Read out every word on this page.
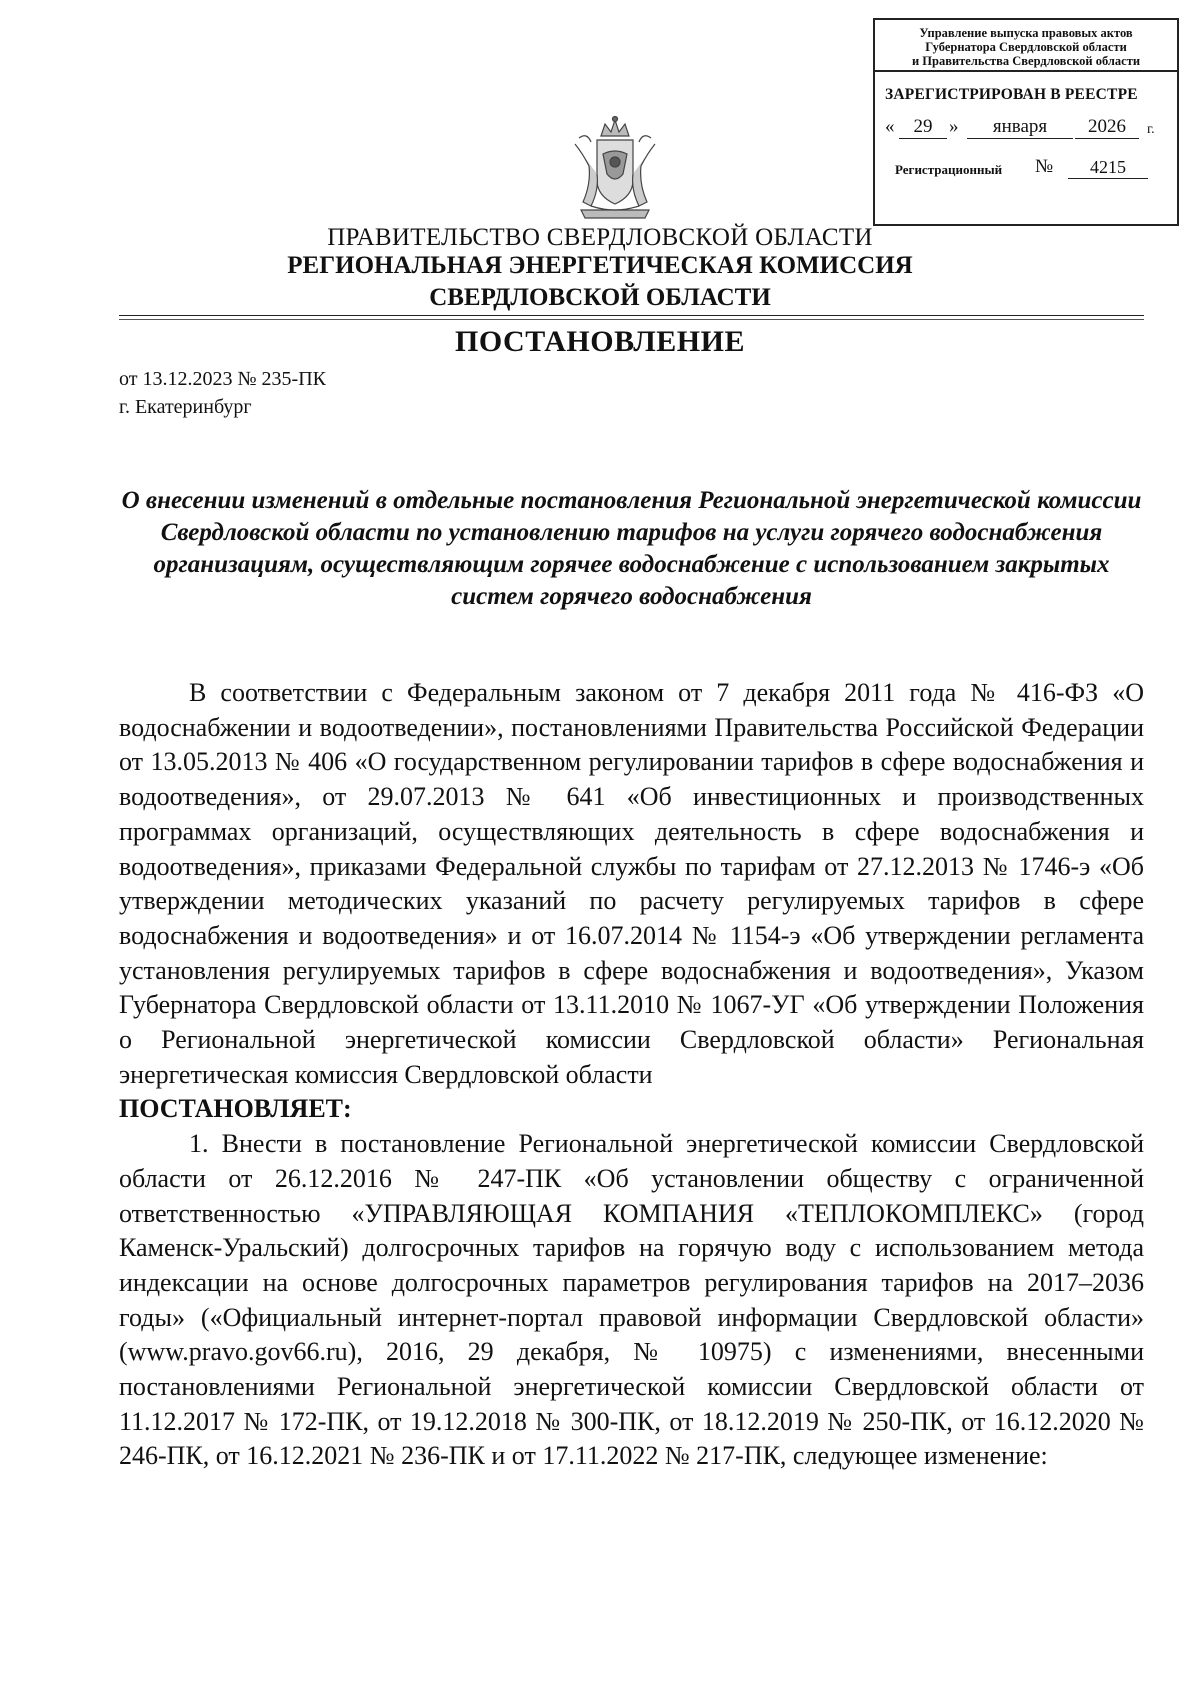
Управление выпуска правовых актов
Губернатора Свердловской области
и Правительства Свердловской области
ЗАРЕГИСТРИРОВАН В РЕЕСТРЕ
«	29 »	января	2026	г.
Регистрационный №	4215
ПРАВИТЕЛЬСТВО СВЕРДЛОВСКОЙ ОБЛАСТИ
РЕГИОНАЛЬНАЯ ЭНЕРГЕТИЧЕСКАЯ КОМИССИЯ
СВЕРДЛОВСКОЙ ОБЛАСТИ
ПОСТАНОВЛЕНИЕ
от 13.12.2023 № 235-ПК
г. Екатеринбург
О внесении изменений в отдельные постановления Региональной энергетической комиссии Свердловской области по установлению тарифов на услуги горячего водоснабжения организациям, осуществляющим горячее водоснабжение с использованием закрытых систем горячего водоснабжения

В соответствии с Федеральным законом от 7 декабря 2011 года № 416-ФЗ «О водоснабжении и водоотведении», постановлениями Правительства Российской Федерации от 13.05.2013 № 406 «О государственном регулировании тарифов в сфере водоснабжения и водоотведения», от 29.07.2013 № 641 «Об инвестиционных и производственных программах организаций, осуществляющих деятельность в сфере водоснабжения и водоотведения», приказами Федеральной службы по тарифам от 27.12.2013 № 1746-э «Об утверждении методических указаний по расчету регулируемых тарифов в сфере водоснабжения и водоотведения» и от 16.07.2014 № 1154-э «Об утверждении регламента установления регулируемых тарифов в сфере водоснабжения и водоотведения», Указом Губернатора Свердловской области от 13.11.2010 № 1067-УГ «Об утверждении Положения о Региональной энергетической комиссии Свердловской области» Региональная энергетическая комиссия Свердловской области

ПОСТАНОВЛЯЕТ:

1. Внести в постановление Региональной энергетической комиссии Свердловской области от 26.12.2016 № 247-ПК «Об установлении обществу с ограниченной ответственностью «УПРАВЛЯЮЩАЯ КОМПАНИЯ «ТЕПЛОКОМПЛЕКС» (город Каменск-Уральский) долгосрочных тарифов на горячую воду с использованием метода индексации на основе долгосрочных параметров регулирования тарифов на 2017–2036 годы» («Официальный интернет-портал правовой информации Свердловской области» (www.pravo.gov66.ru), 2016, 29 декабря, № 10975) с изменениями, внесенными постановлениями Региональной энергетической комиссии Свердловской области от 11.12.2017 № 172-ПК, от 19.12.2018 № 300-ПК, от 18.12.2019 № 250-ПК, от 16.12.2020 № 246-ПК, от 16.12.2021 № 236-ПК и от 17.11.2022 № 217-ПК, следующее изменение:
